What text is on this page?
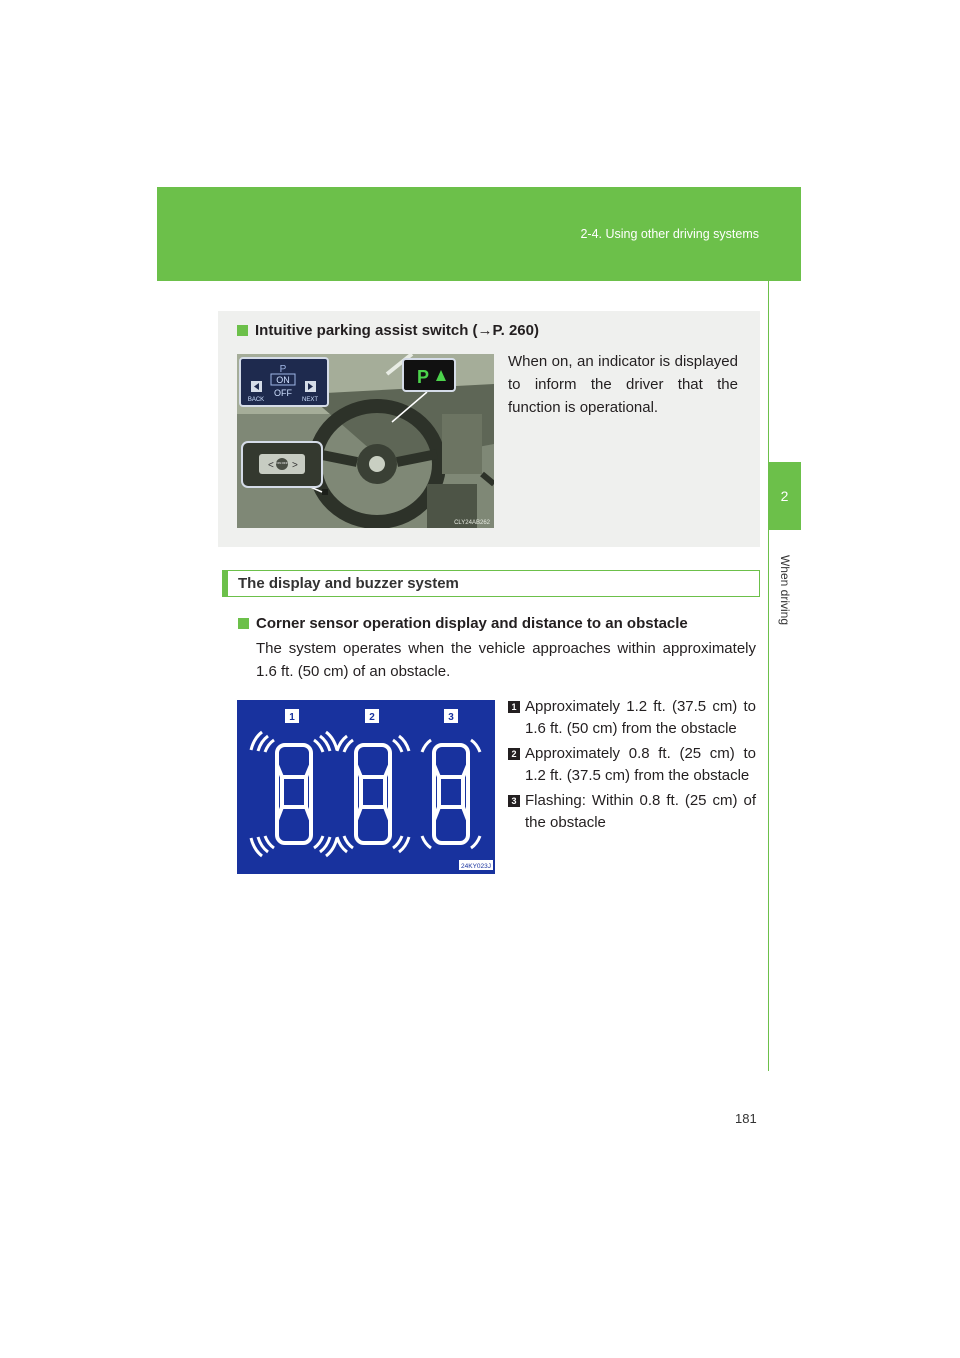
2-4. Using other driving systems
2
When driving
Intuitive parking assist switch (→P. 260)
When on, an indicator is displayed to inform the driver that the function is operational.
P
ON
OFF
BACK	NEXT
P
< ON OFF >
CLY24AB262
The display and buzzer system
Corner sensor operation display and distance to an obstacle
The system operates when the vehicle approaches within approximately 1.6 ft. (50 cm) of an obstacle.
1	2	3
24KY023J
1 Approximately 1.2 ft. (37.5 cm) to 1.6 ft. (50 cm) from the obstacle
2 Approximately 0.8 ft. (25 cm) to 1.2 ft. (37.5 cm) from the obstacle
3 Flashing: Within 0.8 ft. (25 cm) of the obstacle
181
